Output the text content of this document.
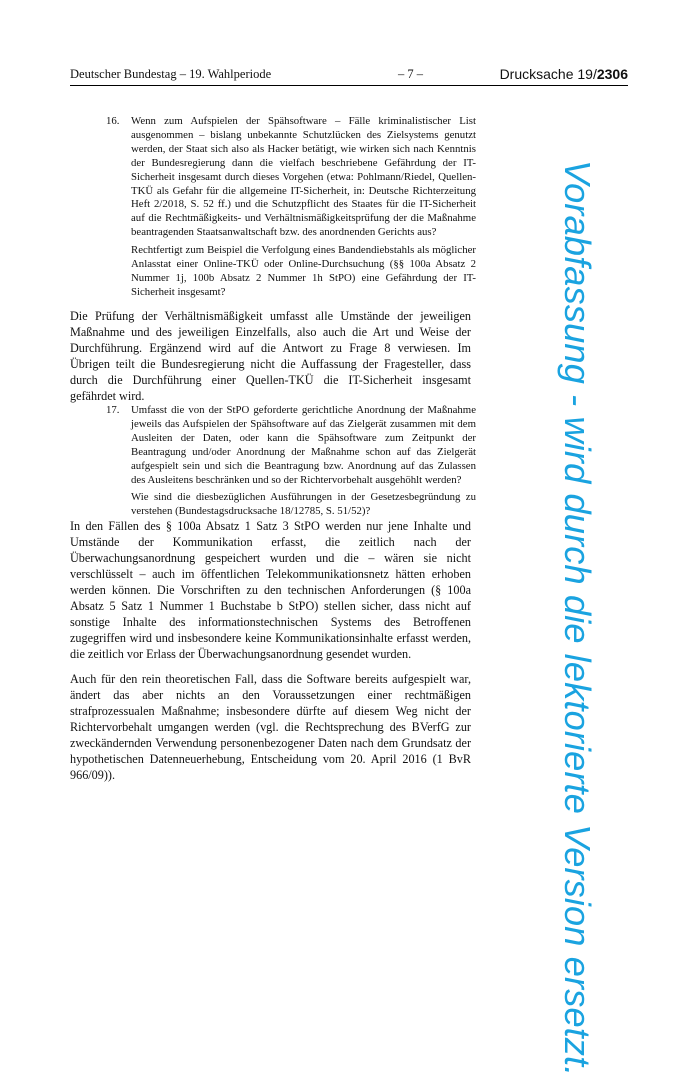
Deutscher Bundestag – 19. Wahlperiode	– 7 –	Drucksache 19/2306
16. Wenn zum Aufspielen der Spähsoftware – Fälle kriminalistischer List ausgenommen – bislang unbekannte Schutzlücken des Zielsystems genutzt werden, der Staat sich also als Hacker betätigt, wie wirken sich nach Kenntnis der Bundesregierung dann die vielfach beschriebene Gefährdung der IT-Sicherheit insgesamt durch dieses Vorgehen (etwa: Pohlmann/Riedel, Quellen-TKÜ als Gefahr für die allgemeine IT-Sicherheit, in: Deutsche Richterzeitung Heft 2/2018, S. 52 ff.) und die Schutzpflicht des Staates für die IT-Sicherheit auf die Rechtmäßigkeits- und Verhältnismäßigkeitsprüfung der die Maßnahme beantragenden Staatsanwaltschaft bzw. des anordnenden Gerichts aus?
Rechtfertigt zum Beispiel die Verfolgung eines Bandendiebstahls als möglicher Anlasstat einer Online-TKÜ oder Online-Durchsuchung (§§ 100a Absatz 2 Nummer 1j, 100b Absatz 2 Nummer 1h StPO) eine Gefährdung der IT-Sicherheit insgesamt?

Die Prüfung der Verhältnismäßigkeit umfasst alle Umstände der jeweiligen Maßnahme und des jeweiligen Einzelfalls, also auch die Art und Weise der Durchführung. Ergänzend wird auf die Antwort zu Frage 8 verwiesen. Im Übrigen teilt die Bundesregierung nicht die Auffassung der Fragesteller, dass durch die Durchführung einer Quellen-TKÜ die IT-Sicherheit insgesamt gefährdet wird.

17. Umfasst die von der StPO geforderte gerichtliche Anordnung der Maßnahme jeweils das Aufspielen der Spähsoftware auf das Zielgerät zusammen mit dem Ausleiten der Daten, oder kann die Spähsoftware zum Zeitpunkt der Beantragung und/oder Anordnung der Maßnahme schon auf das Zielgerät aufgespielt sein und sich die Beantragung bzw. Anordnung auf das Zulassen des Ausleitens beschränken und so der Richtervorbehalt ausgehöhlt werden?
Wie sind die diesbezüglichen Ausführungen in der Gesetzesbegründung zu verstehen (Bundestagsdrucksache 18/12785, S. 51/52)?

In den Fällen des § 100a Absatz 1 Satz 3 StPO werden nur jene Inhalte und Umstände der Kommunikation erfasst, die zeitlich nach der Überwachungsanordnung gespeichert wurden und die – wären sie nicht verschlüsselt – auch im öffentlichen Telekommunikationsnetz hätten erhoben werden können. Die Vorschriften zu den technischen Anforderungen (§ 100a Absatz 5 Satz 1 Nummer 1 Buchstabe b StPO) stellen sicher, dass nicht auf sonstige Inhalte des informationstechnischen Systems des Betroffenen zugegriffen wird und insbesondere keine Kommunikationsinhalte erfasst werden, die zeitlich vor Erlass der Überwachungsanordnung gesendet wurden.

Auch für den rein theoretischen Fall, dass die Software bereits aufgespielt war, ändert das aber nichts an den Voraussetzungen einer rechtmäßigen strafprozessualen Maßnahme; insbesondere dürfte auf diesem Weg nicht der Richtervorbehalt umgangen werden (vgl. die Rechtsprechung des BVerfG zur zweckändernden Verwendung personenbezogener Daten nach dem Grundsatz der hypothetischen Datenneuerhebung, Entscheidung vom 20. April 2016 (1 BvR 966/09)).	Vorabfassung - wird durch die lektorierte Version ersetzt.
